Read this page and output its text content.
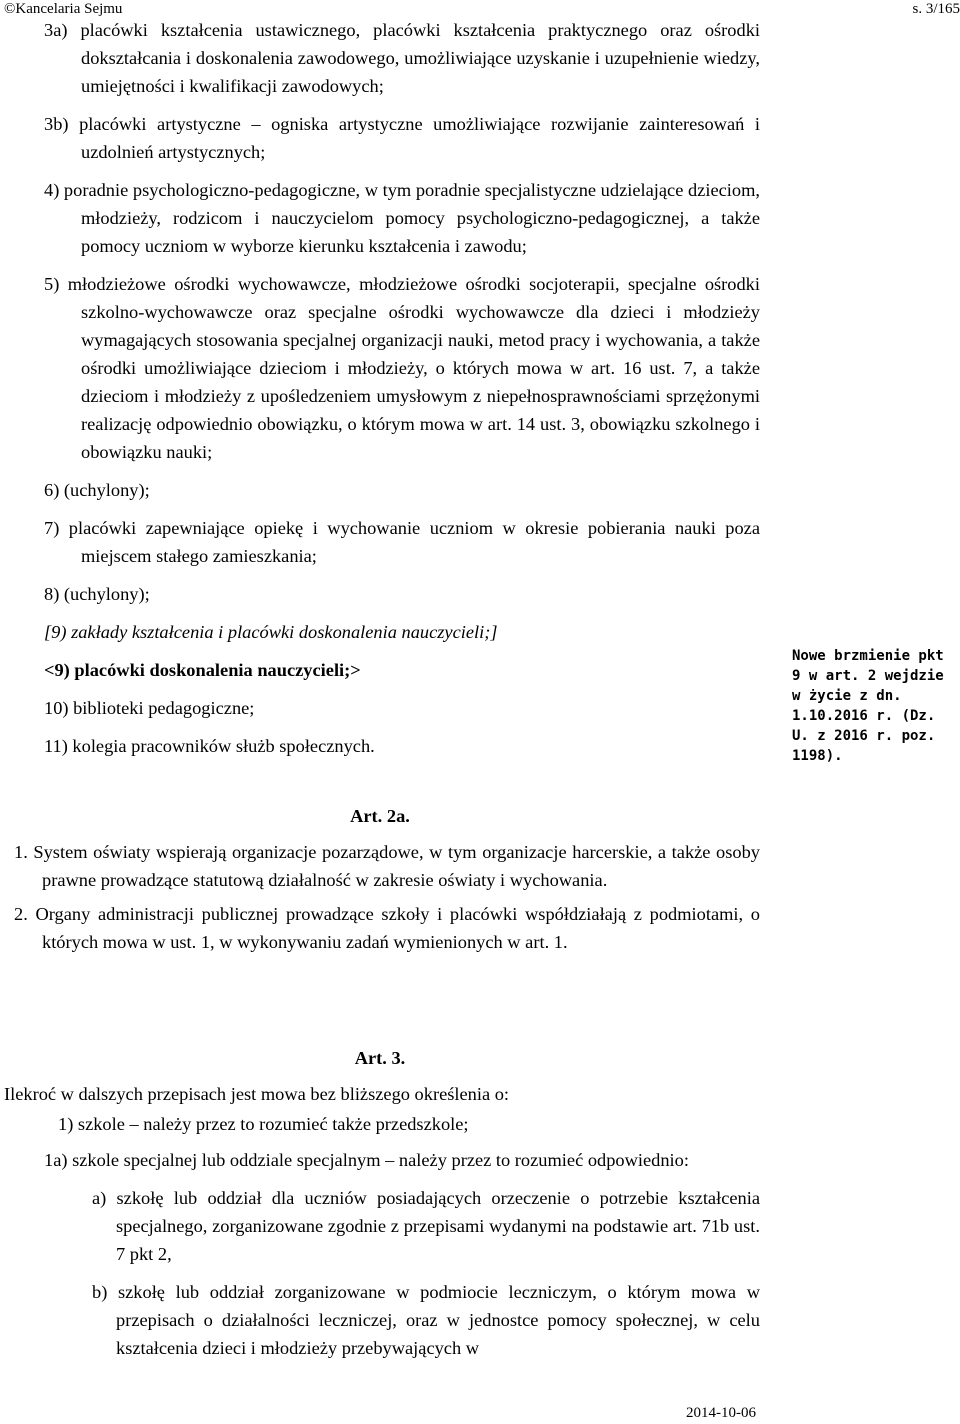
©Kancelaria Sejmu	s. 3/165

3a) placówki kształcenia ustawicznego, placówki kształcenia praktycznego oraz ośrodki dokształcania i doskonalenia zawodowego, umożliwiające uzyskanie i uzupełnienie wiedzy, umiejętności i kwalifikacji zawodowych;

3b) placówki artystyczne – ogniska artystyczne umożliwiające rozwijanie zainteresowań i uzdolnień artystycznych;

4) poradnie psychologiczno-pedagogiczne, w tym poradnie specjalistyczne udzielające dzieciom, młodzieży, rodzicom i nauczycielom pomocy psychologiczno-pedagogicznej, a także pomocy uczniom w wyborze kierunku kształcenia i zawodu;

5) młodzieżowe ośrodki wychowawcze, młodzieżowe ośrodki socjoterapii, specjalne ośrodki szkolno-wychowawcze oraz specjalne ośrodki wychowawcze dla dzieci i młodzieży wymagających stosowania specjalnej organizacji nauki, metod pracy i wychowania, a także ośrodki umożliwiające dzieciom i młodzieży, o których mowa w art. 16 ust. 7, a także dzieciom i młodzieży z upośledzeniem umysłowym z niepełnosprawnościami sprzężonymi realizację odpowiednio obowiązku, o którym mowa w art. 14 ust. 3, obowiązku szkolnego i obowiązku nauki;

6) (uchylony);

7) placówki zapewniające opiekę i wychowanie uczniom w okresie pobierania nauki poza miejscem stałego zamieszkania;

8) (uchylony);

[9) zakłady kształcenia i placówki doskonalenia nauczycieli;]

<9) placówki doskonalenia nauczycieli;>

10) biblioteki pedagogiczne;

11) kolegia pracowników służb społecznych.

Nowe brzmienie pkt 9 w art. 2 wejdzie w życie z dn. 1.10.2016 r. (Dz. U. z 2016 r. poz. 1198).
Art. 2a.

1. System oświaty wspierają organizacje pozarządowe, w tym organizacje harcerskie, a także osoby prawne prowadzące statutową działalność w zakresie oświaty i wychowania.

2. Organy administracji publicznej prowadzące szkoły i placówki współdziałają z podmiotami, o których mowa w ust. 1, w wykonywaniu zadań wymienionych w art. 1.

Art. 3.
Ilekroć w dalszych przepisach jest mowa bez bliższego określenia o:

1) szkole – należy przez to rozumieć także przedszkole;

1a) szkole specjalnej lub oddziale specjalnym – należy przez to rozumieć odpowiednio:

a) szkołę lub oddział dla uczniów posiadających orzeczenie o potrzebie kształcenia specjalnego, zorganizowane zgodnie z przepisami wydanymi na podstawie art. 71b ust. 7 pkt 2,

b) szkołę lub oddział zorganizowane w podmiocie leczniczym, o którym mowa w przepisach o działalności leczniczej, oraz w jednostce pomocy społecznej, w celu kształcenia dzieci i młodzieży przebywających w

2014-10-06
